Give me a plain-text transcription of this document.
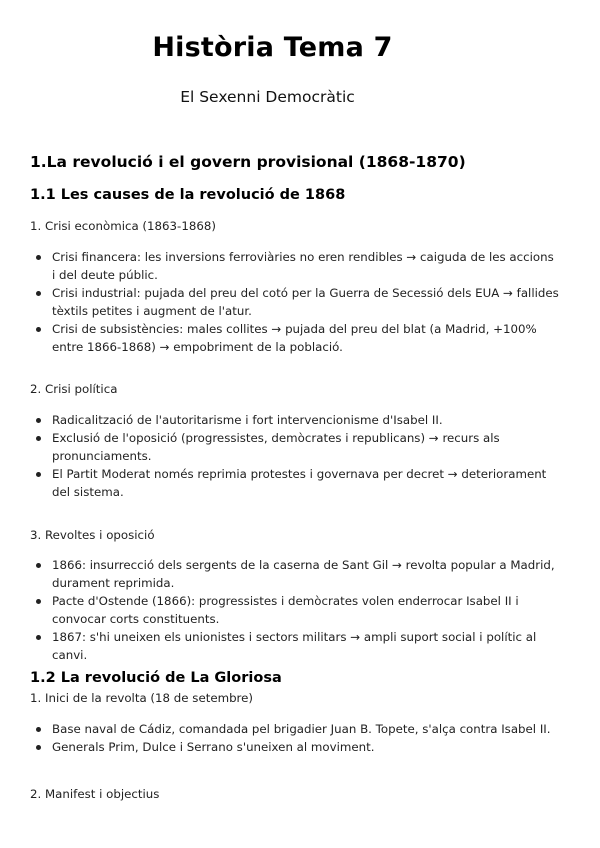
Història Tema 7
El Sexenni Democràtic
1.La revolució i el govern provisional (1868-1870)
1.1 Les causes de la revolució de 1868
1. Crisi econòmica (1863-1868)
Crisi financera: les inversions ferroviàries no eren rendibles → caiguda de les accions i del deute públic.
Crisi industrial: pujada del preu del cotó per la Guerra de Secessió dels EUA → fallides tèxtils petites i augment de l'atur.
Crisi de subsistències: males collites → pujada del preu del blat (a Madrid, +100% entre 1866-1868) → empobriment de la població.
2. Crisi política
Radicalització de l'autoritarisme i fort intervencionisme d'Isabel II.
Exclusió de l'oposició (progressistes, demòcrates i republicans) → recurs als pronunciaments.
El Partit Moderat només reprimia protestes i governava per decret → deteriorament del sistema.
3. Revoltes i oposició
1866: insurrecció dels sergents de la caserna de Sant Gil → revolta popular a Madrid, durament reprimida.
Pacte d'Ostende (1866): progressistes i demòcrates volen enderrocar Isabel II i convocar corts constituents.
1867: s'hi uneixen els unionistes i sectors militars → ampli suport social i polític al canvi.
1.2 La revolució de La Gloriosa
1. Inici de la revolta (18 de setembre)
Base naval de Cádiz, comandada pel brigadier Juan B. Topete, s'alça contra Isabel II.
Generals Prim, Dulce i Serrano s'uneixen al moviment.
2. Manifest i objectius
